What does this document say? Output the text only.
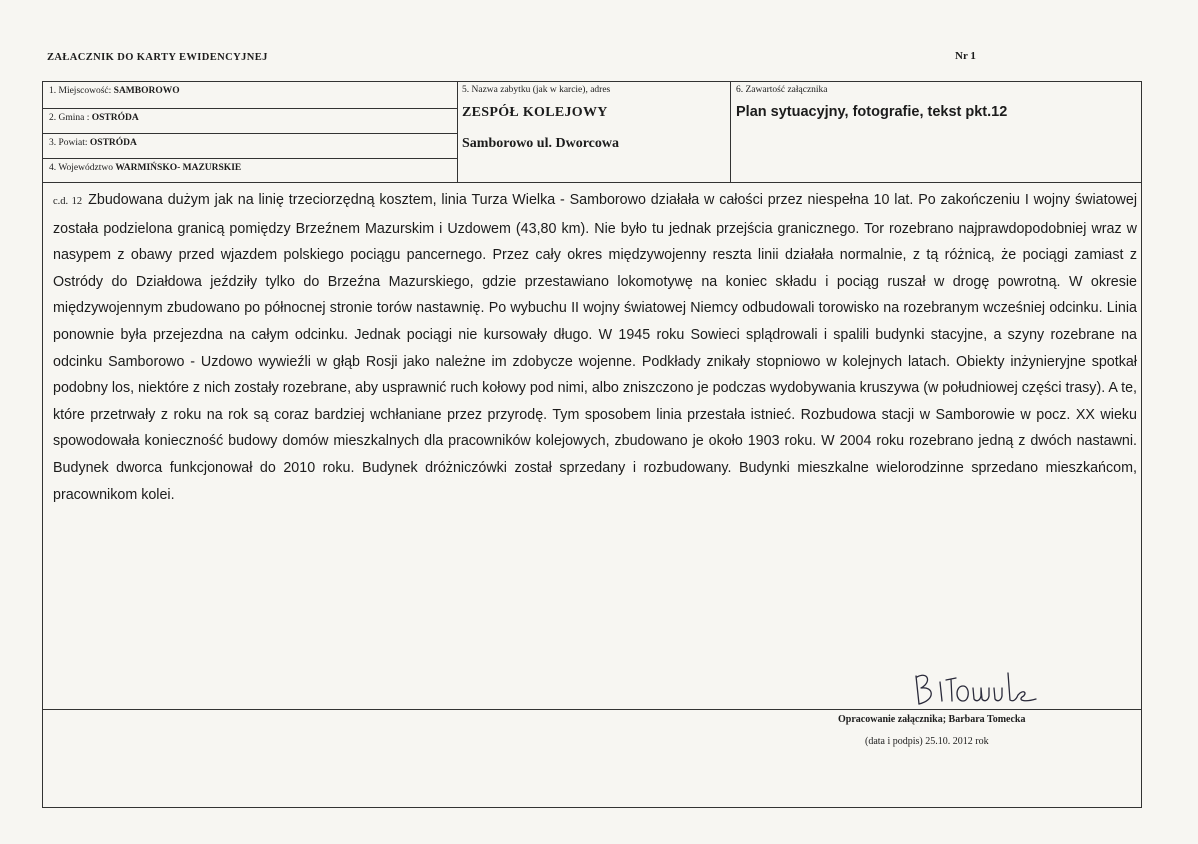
ZAŁACZNIK DO KARTY EWIDENCYJNEJ	Nr 1
1. Miejscowość: SAMBOROWO
2. Gmina : OSTRÓDA
3. Powiat: OSTRÓDA
4. Województwo WARMIŃSKO- MAZURSKIE
5. Nazwa zabytku (jak w karcie), adres
ZESPÓŁ KOLEJOWY
Samborowo ul. Dworcowa
6. Zawartość załącznika
Plan sytuacyjny, fotografie, tekst pkt.12

c.d. 12 Zbudowana dużym jak na linię trzeciorzędną kosztem, linia Turza Wielka - Samborowo działała w całości przez niespełna 10 lat. Po zakończeniu I wojny światowej została podzielona granicą pomiędzy Brzeźnem Mazurskim i Uzdowem (43,80 km). Nie było tu jednak przejścia granicznego. Tor rozebrano najprawdopodobniej wraz w nasypem z obawy przed wjazdem polskiego pociągu pancernego. Przez cały okres międzywojenny reszta linii działała normalnie, z tą różnicą, że pociągi zamiast z Ostródy do Działdowa jeździły tylko do Brzeźna Mazurskiego, gdzie przestawiano lokomotywę na koniec składu i pociąg ruszał w drogę powrotną. W okresie międzywojennym zbudowano po północnej stronie torów nastawnię. Po wybuchu II wojny światowej Niemcy odbudowali torowisko na rozebranym wcześniej odcinku. Linia ponownie była przejezdna na całym odcinku. Jednak pociągi nie kursowały długo. W 1945 roku Sowieci splądrowali i spalili budynki stacyjne, a szyny rozebrane na odcinku Samborowo - Uzdowo wywieźli w głąb Rosji jako należne im zdobycze wojenne. Podkłady znikały stopniowo w kolejnych latach. Obiekty inżynieryjne spotkał podobny los, niektóre z nich zostały rozebrane, aby usprawnić ruch kołowy pod nimi, albo zniszczono je podczas wydobywania kruszywa (w południowej części trasy). A te, które przetrwały z roku na rok są coraz bardziej wchłaniane przez przyrodę. Tym sposobem linia przestała istnieć. Rozbudowa stacji w Samborowie w pocz. XX wieku spowodowała konieczność budowy domów mieszkalnych dla pracowników kolejowych, zbudowano je około 1903 roku. W 2004 roku rozebrano jedną z dwóch nastawni. Budynek dworca funkcjonował do 2010 roku. Budynek dróżniczówki został sprzedany i rozbudowany. Budynki mieszkalne wielorodzinne sprzedano mieszkańcom, pracownikom kolei.

Opracowanie załącznika; Barbara Tomecka
(data i podpis) 25.10. 2012 rok
